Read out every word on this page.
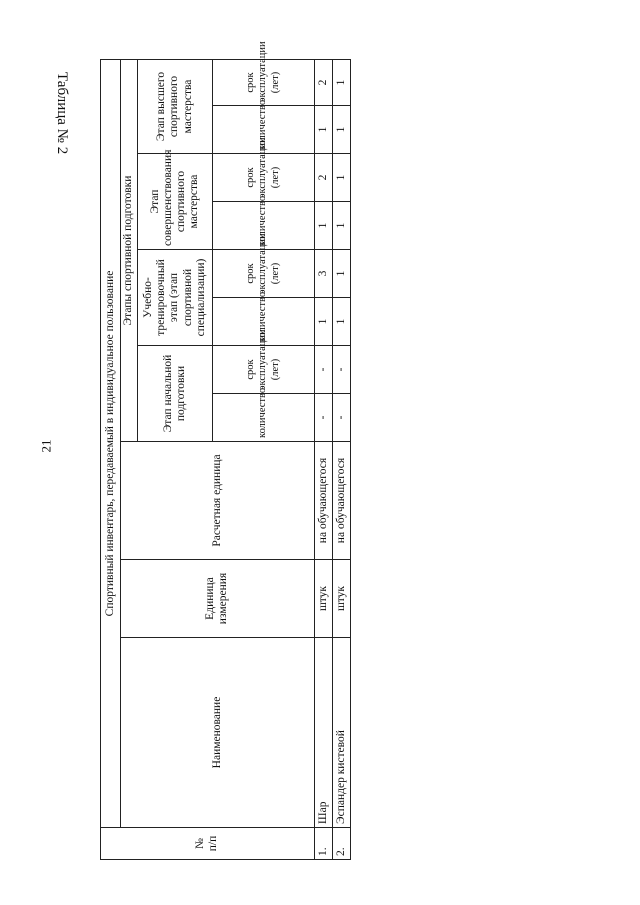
21
Таблица № 2
№
п/п	Спортивный инвентарь, передаваемый в индивидуальное пользование										
	Наименование	Единица измерения	Расчетная единица	Этапы спортивной подготовки							
				Этап начальной подготовки		Учебно-тренировочный этап (этап спортивной специализации)		Этап совершенствования спортивного мастерства		Этап высшего спортивного мастерства	
				количество	срок эксплуатации (лет)	количество	срок эксплуатации (лет)	количество	срок эксплуатации (лет)	количество	срок эксплуатации (лет)
1.	Шар	штук	на обучающегося	-	-	1	3	1	2	1	2
2.	Эспандер кистевой	штук	на обучающегося	-	-	1	1	1	1	1	1
